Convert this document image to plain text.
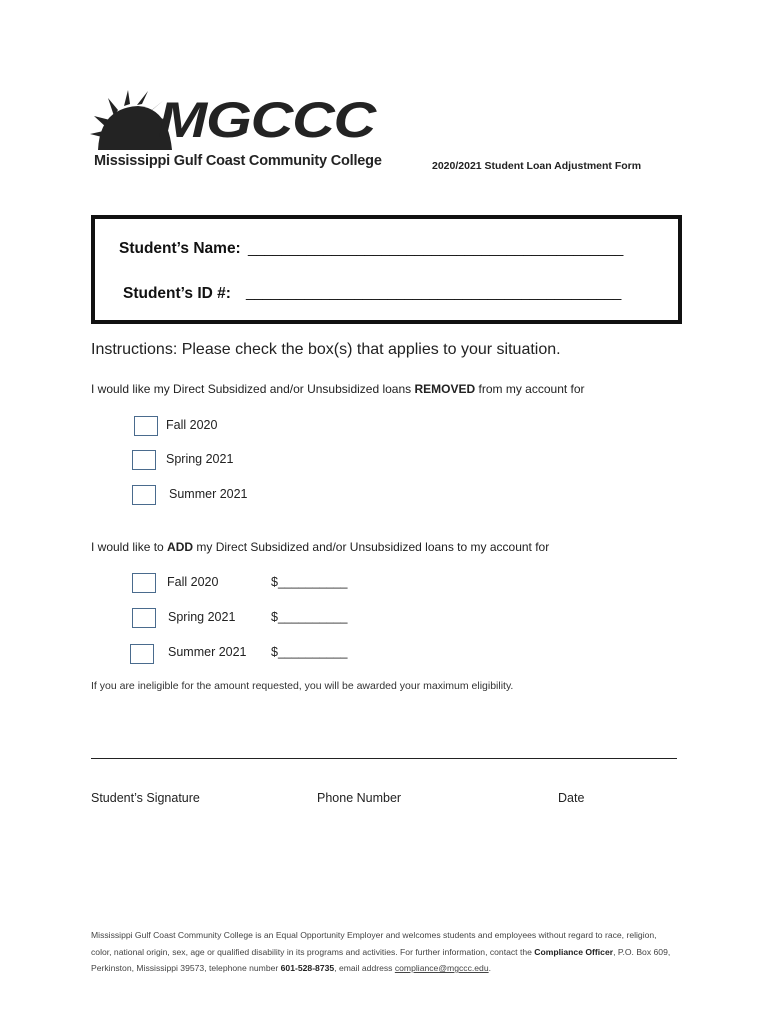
MGCCC
Mississippi Gulf Coast Community College	2020/2021 Student Loan Adjustment Form
Student’s Name: _____________________________________________
Student’s ID #: _____________________________________________
Instructions: Please check the box(s) that applies to your situation.
I would like my Direct Subsidized and/or Unsubsidized loans REMOVED from my account for
Fall 2020
Spring 2021
Summer 2021
I would like to ADD my Direct Subsidized and/or Unsubsidized loans to my account for
Fall 2020	$__________
Spring 2021	$__________
Summer 2021 $__________
If you are ineligible for the amount requested, you will be awarded your maximum eligibility.
Student’s Signature	Phone Number	Date
Mississippi Gulf Coast Community College is an Equal Opportunity Employer and welcomes students and employees without regard to race, religion, color, national origin, sex, age or qualified disability in its programs and activities. For further information, contact the Compliance Officer, P.O. Box 609, Perkinston, Mississippi 39573, telephone number 601-528-8735, email address compliance@mgccc.edu.
